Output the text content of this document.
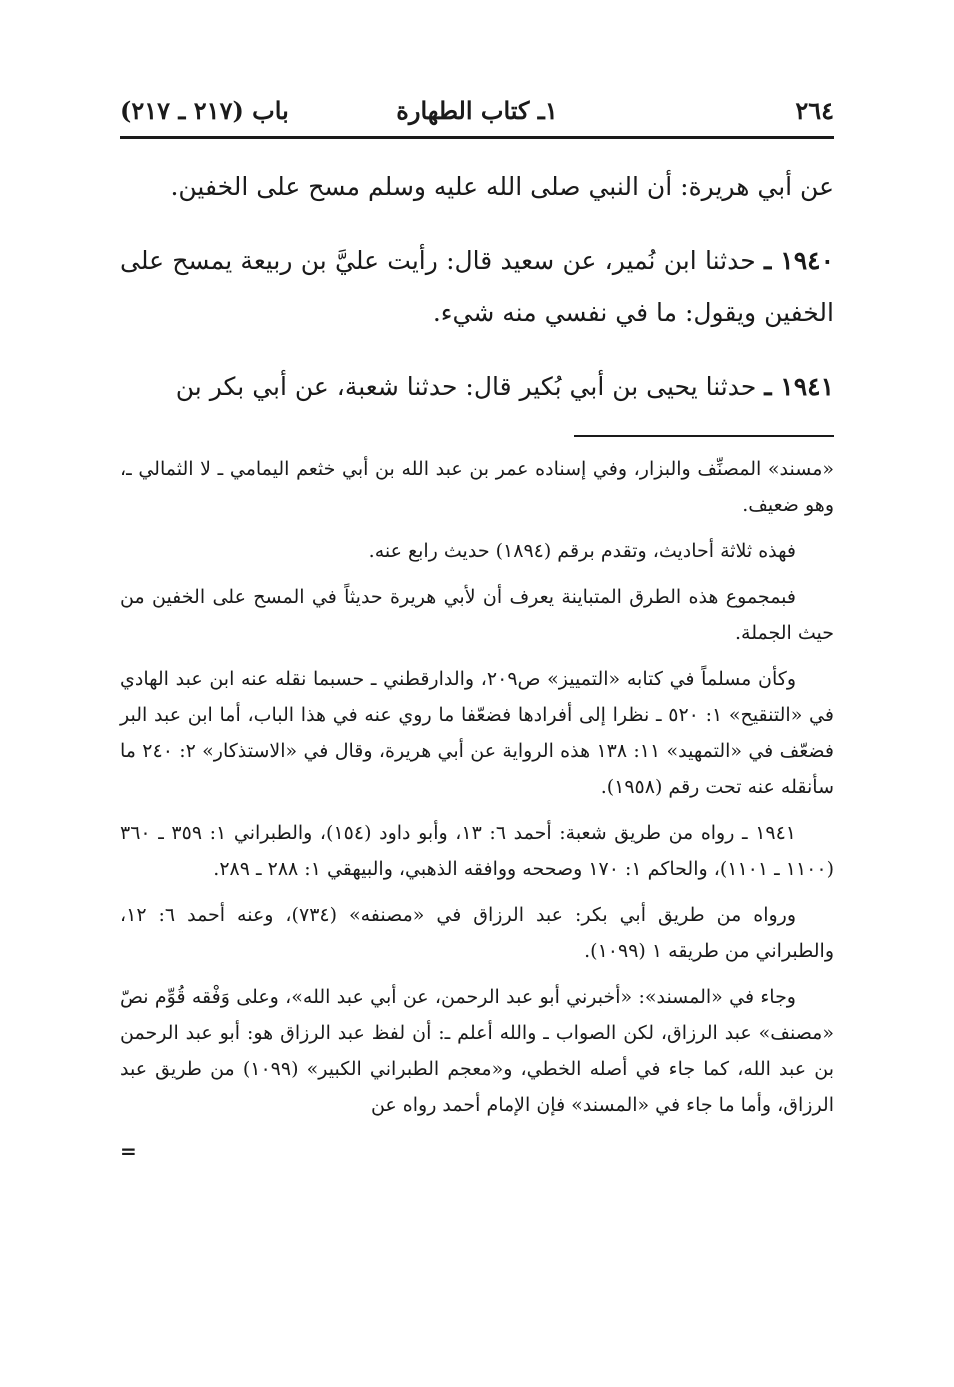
٢٦٤
١ـ كتاب الطهارة
باب (٢١٧ ـ ٢١٧)

عن أبي هريرة: أن النبي صلى الله عليه وسلم مسح على الخفين.

١٩٤٠ ـ حدثنا ابن نُمير، عن سعيد قال: رأيت عليَّ بن ربيعة يمسح على الخفين ويقول: ما في نفسي منه شيء.

١٩٤١ ـ حدثنا يحيى بن أبي بُكير قال: حدثنا شعبة، عن أبي بكر بن

«مسند» المصنِّف والبزار، وفي إسناده عمر بن عبد الله بن أبي خثعم اليمامي ـ لا الثمالي ـ، وهو ضعيف.

فهذه ثلاثة أحاديث، وتقدم برقم (١٨٩٤) حديث رابع عنه.

فبمجموع هذه الطرق المتباينة يعرف أن لأبي هريرة حديثاً في المسح على الخفين من حيث الجملة.

وكأن مسلماً في كتابه «التمييز» ص٢٠٩، والدارقطني ـ حسبما نقله عنه ابن عبد الهادي في «التنقيح» ١: ٥٢٠ ـ نظرا إلى أفرادها فضعّفا ما روي عنه في هذا الباب، أما ابن عبد البر فضعّف في «التمهيد» ١١: ١٣٨ هذه الرواية عن أبي هريرة، وقال في «الاستذكار» ٢: ٢٤٠ ما سأنقله عنه تحت رقم (١٩٥٨).

١٩٤١ ـ رواه من طريق شعبة: أحمد ٦: ١٣، وأبو داود (١٥٤)، والطبراني ١: ٣٥٩ ـ ٣٦٠ (١١٠٠ ـ ١١٠١)، والحاكم ١: ١٧٠ وصححه ووافقه الذهبي، والبيهقي ١: ٢٨٨ ـ ٢٨٩.

ورواه من طريق أبي بكر: عبد الرزاق في «مصنفه» (٧٣٤)، وعنه أحمد ٦: ١٢، والطبراني من طريقه ١ (١٠٩٩).

وجاء في «المسند»: «أخبرني أبو عبد الرحمن، عن أبي عبد الله»، وعلى وَفْقه قُوِّم نصّ «مصنف» عبد الرزاق، لكن الصواب ـ والله أعلم ـ: أن لفظ عبد الرزاق هو: أبو عبد الرحمن بن عبد الله، كما جاء في أصله الخطي، و«معجم الطبراني الكبير» (١٠٩٩) من طريق عبد الرزاق، وأما ما جاء في «المسند» فإن الإمام أحمد رواه عن

=
